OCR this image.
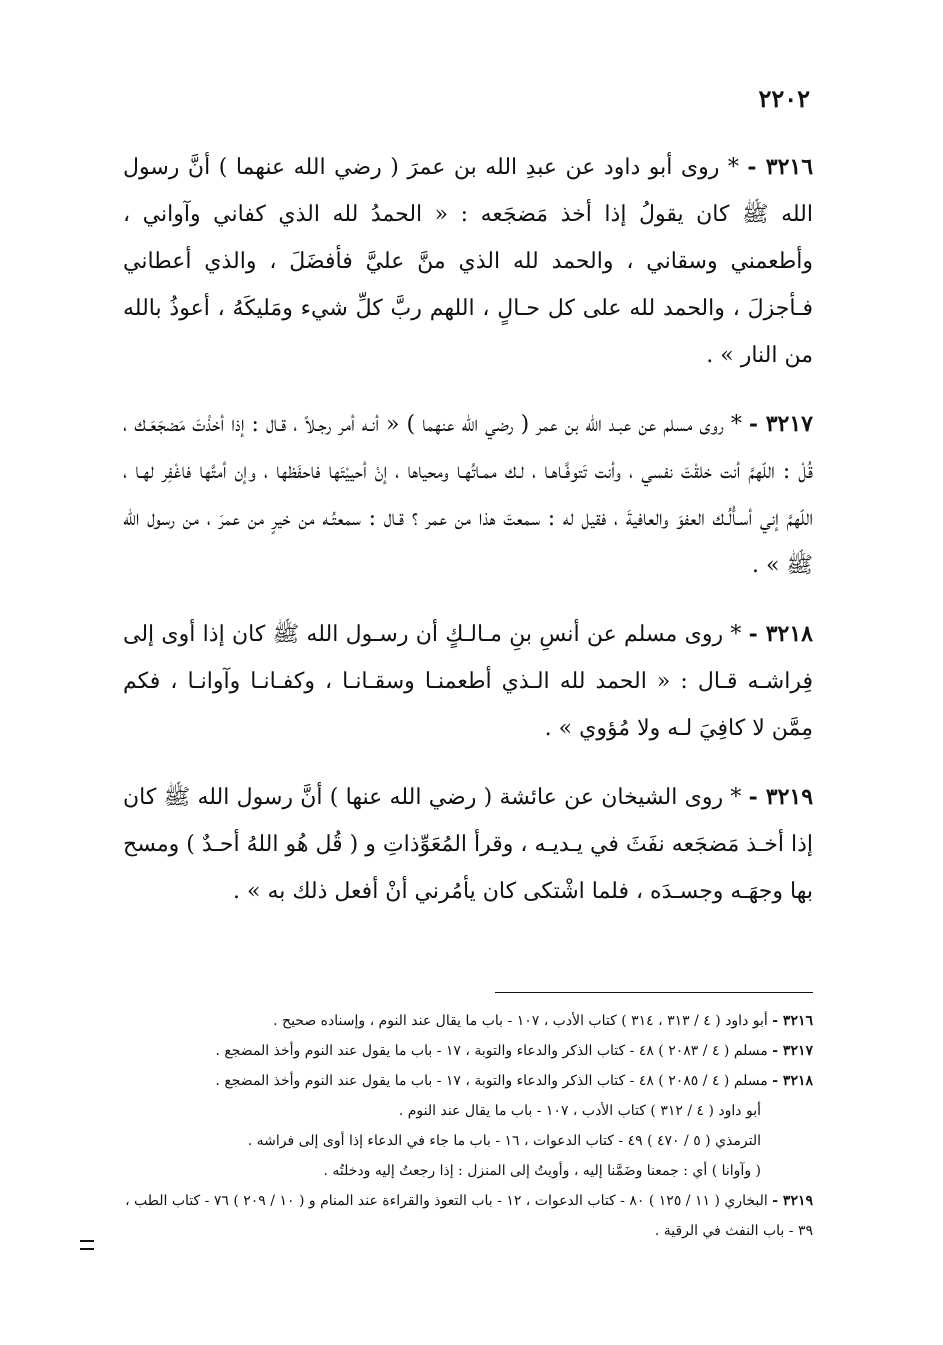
٢٢٠٢

٣٢١٦ - * روى أبو داود عن عبدِ الله بن عمرَ ( رضي الله عنهما ) أنَّ رسول الله ﷺ كان يقولُ إذا أخذ مَضجَعه : « الحمدُ لله الذي كفاني وآواني ، وأطعمني وسقاني ، والحمد لله الذي منَّ عليَّ فأفضَلَ ، والذي أعطاني فـأجزلَ ، والحمد لله على كل حـالٍ ، اللهم ربَّ كلِّ شيء ومَليكَهُ ، أعوذُ بالله من النار » .

٣٢١٧ - * روى مسلم عن عبـد الله بن عمر ( رضي الله عنهما ) « أنـه أمر رجـلاً ، قـال : إذا أخذْتَ مَضجَعَـك ، قُلْ : اللّهمَّ أنت خلقْتَ نفسي ، وأنت تَتوفَّـاهـا ، لـك ممـاتُهـا ومحياها ، إنْ أحييْتَها فاحفَظها ، وإن أمتَّها فاغْفِر لهـا ، اللّهمَّ إني أسـأْلُـك العفوَ والعافيةَ ، فقيل له : سمعتَ هذا من عمر ؟ قـال : سمعتُـه من خيرٍ من عمرَ ، من رسول الله ﷺ » .

٣٢١٨ - * روى مسلم عن أنسِ بنِ مـالـكٍ أن رسـول الله ﷺ كان إذا أوى إلى فِراشـه قـال : « الحمد لله الـذي أطعمنـا وسقـانـا ، وكفـانـا وآوانـا ، فكم مِمَّن لا كافِيَ لـه ولا مُؤوي » .

٣٢١٩ - * روى الشيخان عن عائشة ( رضي الله عنها ) أنَّ رسول الله ﷺ كان إذا أخـذ مَضجَعه نفَثَ في يـديـه ، وقرأ المُعَوِّذاتِ و ( قُل هُو اللهُ أحـدٌ ) ومسح بها وجهَـه وجسـدَه ، فلما اشْتكى كان يأمُرني أنْ أفعل ذلك به » .

٣٢١٦ - أبو داود ( ٤ / ٣١٣ ، ٣١٤ ) كتاب الأدب ، ١٠٧ - باب ما يقال عند النوم ، وإسناده صحيح .

٣٢١٧ - مسلم ( ٤ / ٢٠٨٣ ) ٤٨ - كتاب الذكر والدعاء والتوبة ، ١٧ - باب ما يقول عند النوم وأخذ المضجع .

٣٢١٨ - مسلم ( ٤ / ٢٠٨٥ ) ٤٨ - كتاب الذكر والدعاء والتوبة ، ١٧ - باب ما يقول عند النوم وأخذ المضجع .

أبو داود ( ٤ / ٣١٢ ) كتاب الأدب ، ١٠٧ - باب ما يقال عند النوم .

الترمذي ( ٥ / ٤٧٠ ) ٤٩ - كتاب الدعوات ، ١٦ - باب ما جاء في الدعاء إذا أوى إلى فراشه .

( وآوانا ) أي : جمعنا وضَمَّنا إليه ، وأويتُ إلى المنزل : إذا رجعتُ إليه ودخلتُه .

٣٢١٩ - البخاري ( ١١ / ١٢٥ ) ٨٠ - كتاب الدعوات ، ١٢ - باب التعوذ والقراءة عند المنام و ( ١٠ / ٢٠٩ ) ٧٦ - كتاب الطب ، ٣٩ - باب النفث في الرقية .
